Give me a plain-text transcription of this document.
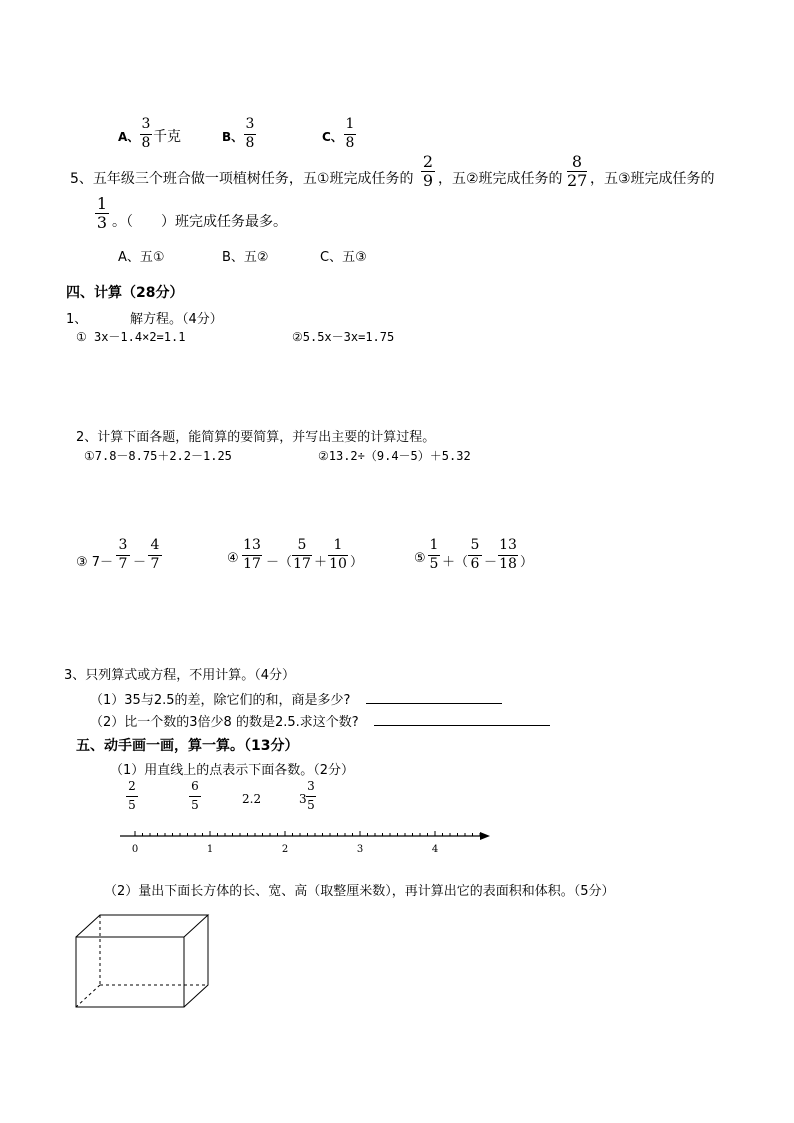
A、
3
8 千克	B、
3
8	C、
1
8
5、五年级三个班合做一项植树任务，五①班完成任务的
2
9 ，五②班完成任务的
8
27 ，五③班完成任务的
1
3 。（　　）班完成任务最多。
A、五①	B、五②	C、五③
四、计算（28分）
1、	解方程。（4分）
① 3x－1.4×2=1.1	②5.5x－3x=1.75
2、计算下面各题，能简算的要简算，并写出主要的计算过程。
①7.8－8.75＋2.2－1.25	②13.2÷（9.4－5）＋5.32
③ 7－
3
7 －
4
7	④
13
17 －（
5
17 ＋
1
10 ）	⑤
1
5 ＋（
5
6 －
13
18 ）
3、只列算式或方程，不用计算。（4分）
（1）35与2.5的差，除它们的和，商是多少?
（2）比一个数的3倍少8 的数是2.5.求这个数?
五、动手画一画，算一算。（13分）
（1）用直线上的点表示下面各数。（2分）
2
5
6
5	2.2	3
3
5
0	1	2	3	4
（2）量出下面长方体的长、宽、高（取整厘米数），再计算出它的表面积和体积。（5分）
